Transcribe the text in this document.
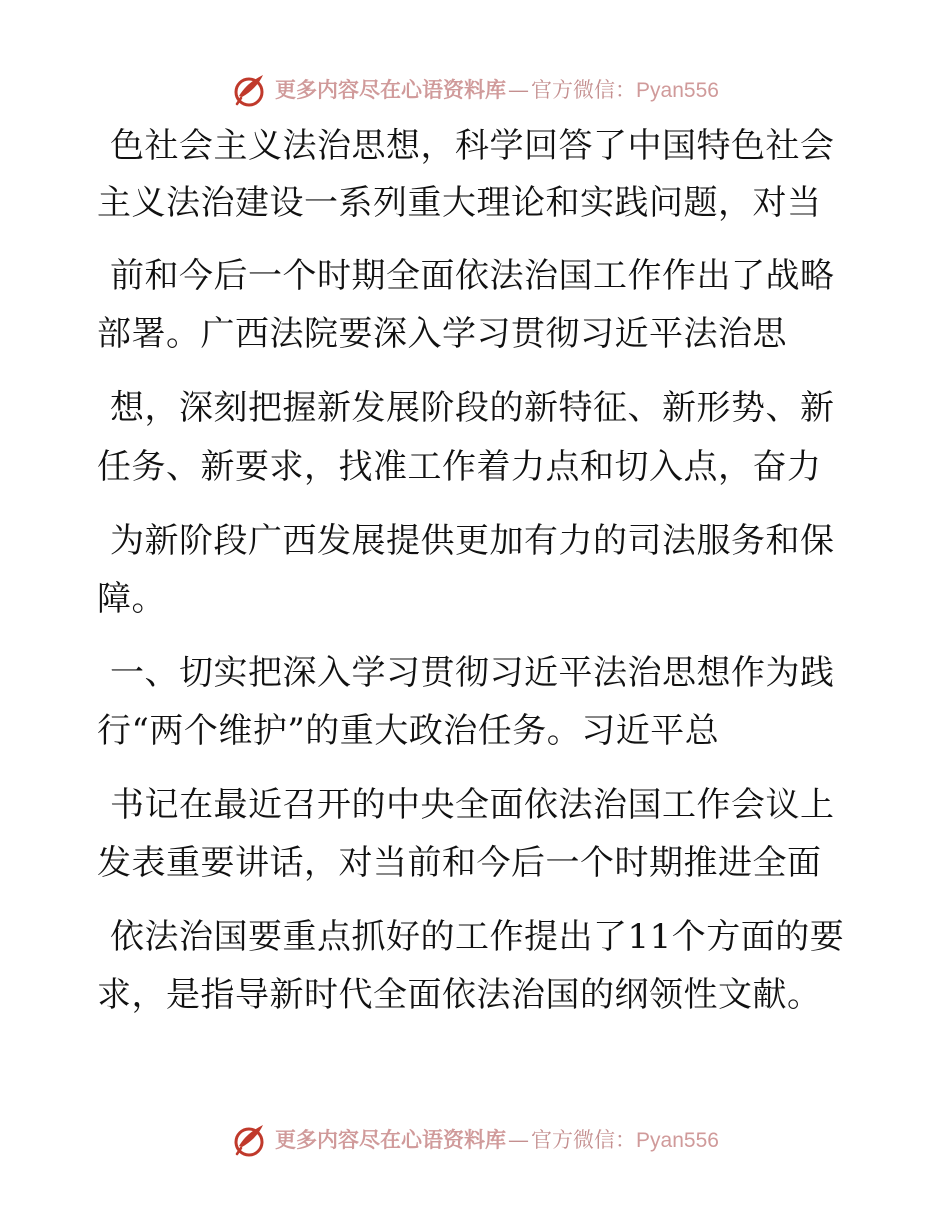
更多内容尽在心语资料库 — 官方微信： Pyan556
色社会主义法治思想，科学回答了中国特色社会
主义法治建设一系列重大理论和实践问题，对当
前和今后一个时期全面依法治国工作作出了战略
部署。广西法院要深入学习贯彻习近平法治思
想，深刻把握新发展阶段的新特征、新形势、新
任务、新要求，找准工作着力点和切入点，奋力
为新阶段广西发展提供更加有力的司法服务和保
障。
一、切实把深入学习贯彻习近平法治思想作为践
行“两个维护”的重大政治任务。习近平总
书记在最近召开的中央全面依法治国工作会议上
发表重要讲话，对当前和今后一个时期推进全面
依法治国要重点抓好的工作提出了11个方面的要
求，是指导新时代全面依法治国的纲领性文献。
更多内容尽在心语资料库 — 官方微信： Pyan556
